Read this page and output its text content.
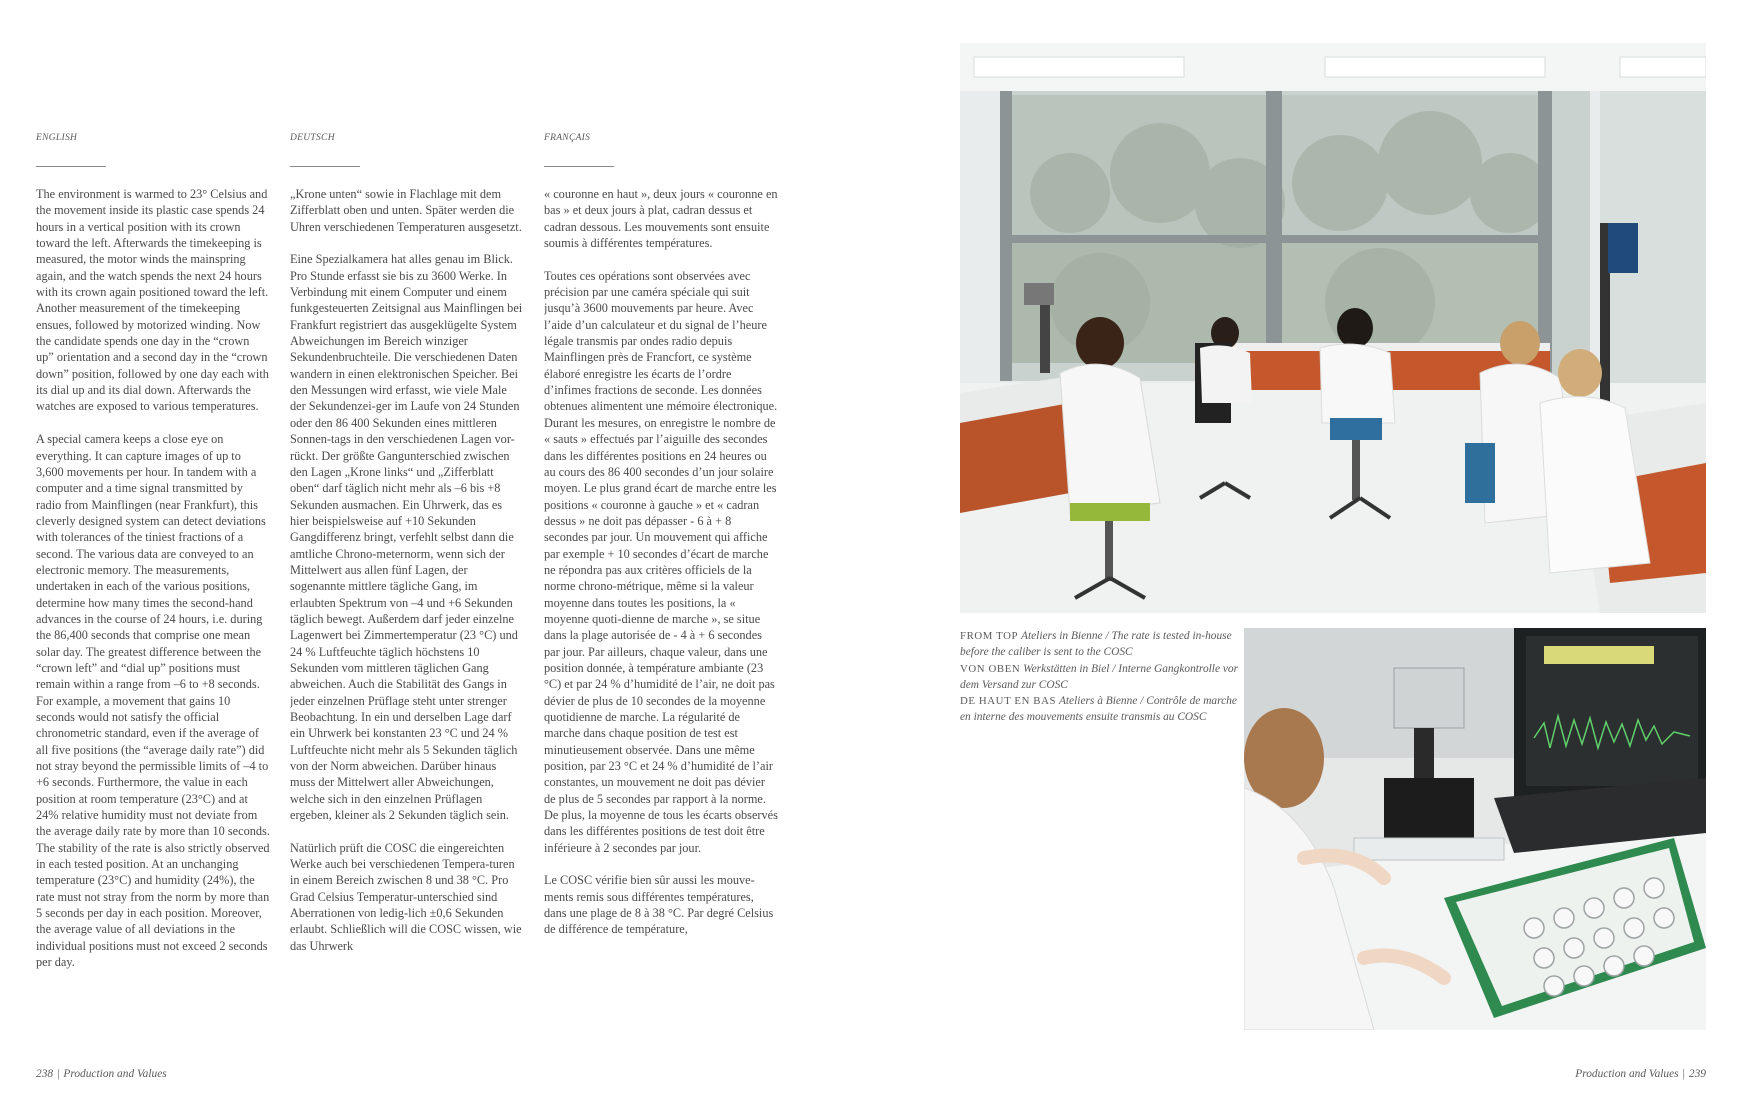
ENGLISH

The environment is warmed to 23° Celsius and the movement inside its plastic case spends 24 hours in a vertical position with its crown toward the left. Afterwards the timekeeping is measured, the motor winds the mainspring again, and the watch spends the next 24 hours with its crown again positioned toward the left. Another measurement of the timekeeping ensues, followed by motorized winding. Now the candidate spends one day in the “crown up” orientation and a second day in the “crown down” position, followed by one day each with its dial up and its dial down. Afterwards the watches are exposed to various temperatures.

A special camera keeps a close eye on everything. It can capture images of up to 3,600 movements per hour. In tandem with a computer and a time signal transmitted by radio from Mainflingen (near Frankfurt), this cleverly designed system can detect deviations with tolerances of the tiniest fractions of a second. The various data are conveyed to an electronic memory. The measurements, undertaken in each of the various positions, determine how many times the second-hand advances in the course of 24 hours, i.e. during the 86,400 seconds that comprise one mean solar day. The greatest difference between the “crown left” and “dial up” positions must remain within a range from –6 to +8 seconds. For example, a movement that gains 10 seconds would not satisfy the official chronometric standard, even if the average of all five positions (the “average daily rate”) did not stray beyond the permissible limits of –4 to +6 seconds. Furthermore, the value in each position at room temperature (23°C) and at 24% relative humidity must not deviate from the average daily rate by more than 10 seconds. The stability of the rate is also strictly observed in each tested position. At an unchanging temperature (23°C) and humidity (24%), the rate must not stray from the norm by more than 5 seconds per day in each position. Moreover, the average value of all deviations in the individual positions must not exceed 2 seconds per day.

DEUTSCH

„Krone unten“ sowie in Flachlage mit dem Zifferblatt oben und unten. Später werden die Uhren verschiedenen Temperaturen ausgesetzt.

Eine Spezialkamera hat alles genau im Blick. Pro Stunde erfasst sie bis zu 3600 Werke. In Verbindung mit einem Computer und einem funkgesteuerten Zeitsignal aus Mainflingen bei Frankfurt registriert das ausgeklügelte System Abweichungen im Bereich winziger Sekundenbruchteile. Die verschiedenen Daten wandern in einen elektronischen Speicher. Bei den Messungen wird erfasst, wie viele Male der Sekundenzei-ger im Laufe von 24 Stunden oder den 86 400 Sekunden eines mittleren Sonnen-tags in den verschiedenen Lagen vor-rückt. Der größte Gangunterschied zwischen den Lagen „Krone links“ und „Zifferblatt oben“ darf täglich nicht mehr als –6 bis +8 Sekunden ausmachen. Ein Uhrwerk, das es hier beispielsweise auf +10 Sekunden Gangdifferenz bringt, verfehlt selbst dann die amtliche Chrono-meternorm, wenn sich der Mittelwert aus allen fünf Lagen, der sogenannte mittlere tägliche Gang, im erlaubten Spektrum von –4 und +6 Sekunden täglich bewegt. Außerdem darf jeder einzelne Lagenwert bei Zimmertemperatur (23 °C) und 24 % Luftfeuchte täglich höchstens 10 Sekunden vom mittleren täglichen Gang abweichen. Auch die Stabilität des Gangs in jeder einzelnen Prüflage steht unter strenger Beobachtung. In ein und derselben Lage darf ein Uhrwerk bei konstanten 23 °C und 24 % Luftfeuchte nicht mehr als 5 Sekunden täglich von der Norm abweichen. Darüber hinaus muss der Mittelwert aller Abweichungen, welche sich in den einzelnen Prüflagen ergeben, kleiner als 2 Sekunden täglich sein.

Natürlich prüft die COSC die eingereichten Werke auch bei verschiedenen Tempera-turen in einem Bereich zwischen 8 und 38 °C. Pro Grad Celsius Temperatur-unterschied sind Aberrationen von ledig-lich ±0,6 Sekunden erlaubt. Schließlich will die COSC wissen, wie das Uhrwerk

FRANÇAIS

« couronne en haut », deux jours « couronne en bas » et deux jours à plat, cadran dessus et cadran dessous. Les mouvements sont ensuite soumis à différentes températures.

Toutes ces opérations sont observées avec précision par une caméra spéciale qui suit jusqu’à 3600 mouvements par heure. Avec l’aide d’un calculateur et du signal de l’heure légale transmis par ondes radio depuis Mainflingen près de Francfort, ce système élaboré enregistre les écarts de l’ordre d’infimes fractions de seconde. Les données obtenues alimentent une mémoire électronique. Durant les mesures, on enregistre le nombre de « sauts » effectués par l’aiguille des secondes dans les différentes positions en 24 heures ou au cours des 86 400 secondes d’un jour solaire moyen. Le plus grand écart de marche entre les positions « couronne à gauche » et « cadran dessus » ne doit pas dépasser - 6 à + 8 secondes par jour. Un mouvement qui affiche par exemple + 10 secondes d’écart de marche ne répondra pas aux critères officiels de la norme chrono-métrique, même si la valeur moyenne dans toutes les positions, la « moyenne quoti-dienne de marche », se situe dans la plage autorisée de - 4 à + 6 secondes par jour. Par ailleurs, chaque valeur, dans une position donnée, à température ambiante (23 °C) et par 24 % d’humidité de l’air, ne doit pas dévier de plus de 10 secondes de la moyenne quotidienne de marche. La régularité de marche dans chaque position de test est minutieusement observée. Dans une même position, par 23 °C et 24 % d’humidité de l’air constantes, un mouvement ne doit pas dévier de plus de 5 secondes par rapport à la norme. De plus, la moyenne de tous les écarts observés dans les différentes positions de test doit être inférieure à 2 secondes par jour.

Le COSC vérifie bien sûr aussi les mouve-ments remis sous différentes températures, dans une plage de 8 à 38 °C. Par degré Celsius de différence de température,

FROM TOP Ateliers in Bienne / The rate is tested in-house before the caliber is sent to the COSC
VON OBEN Werkstätten in Biel / Interne Gangkontrolle vor dem Versand zur COSC
DE HAUT EN BAS Ateliers à Bienne / Contrôle de marche en interne des mouvements ensuite transmis au COSC
238 | Production and Values	Production and Values | 239
